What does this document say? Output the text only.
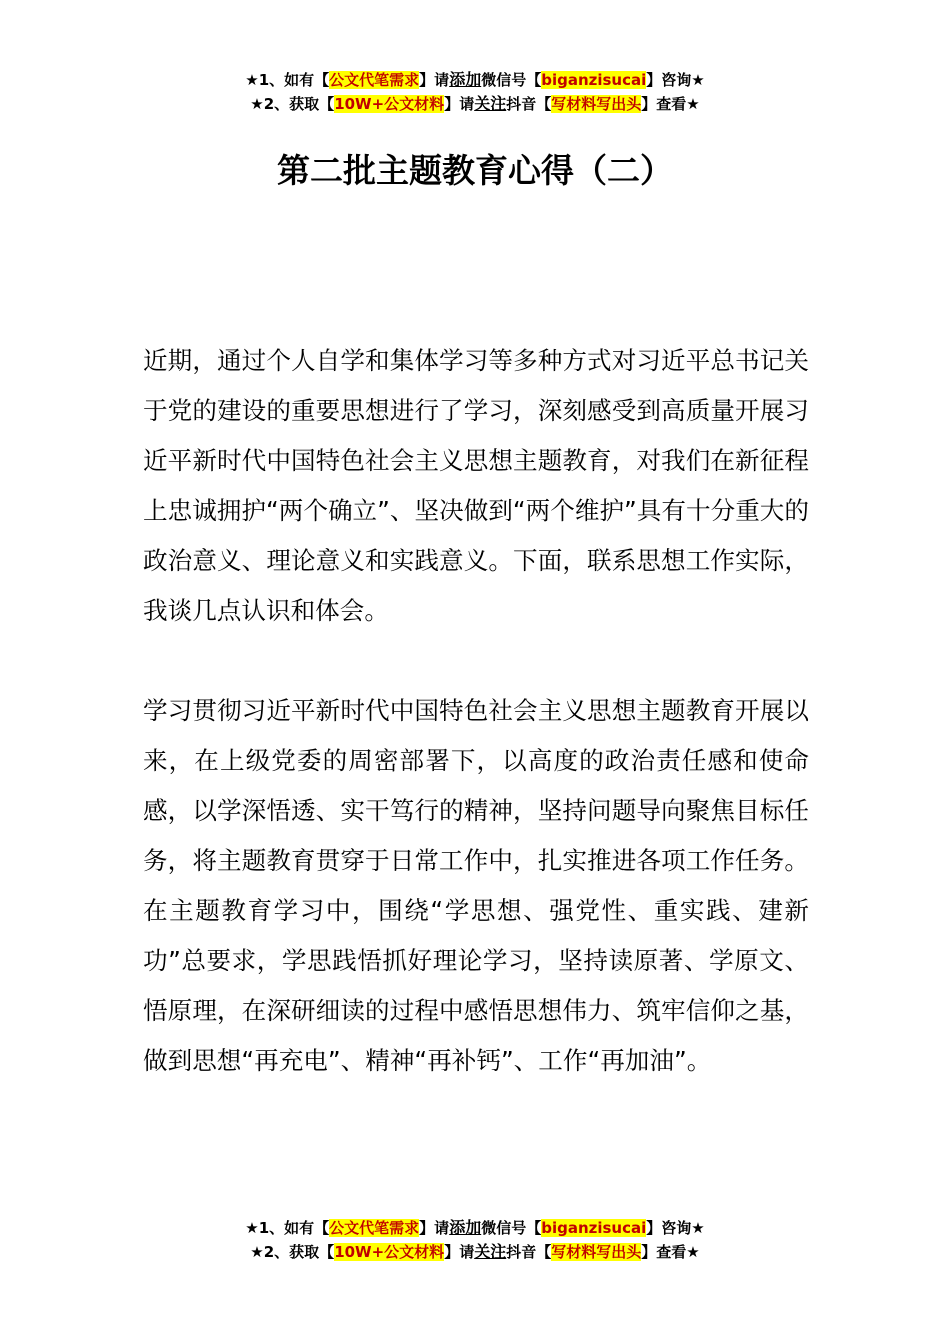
★1、如有【公文代笔需求】请添加微信号【biganzisucai】咨询★
★2、获取【10W+公文材料】请关注抖音【写材料写出头】查看★
第二批主题教育心得（二）

近期，通过个人自学和集体学习等多种方式对习近平总书记关于党的建设的重要思想进行了学习，深刻感受到高质量开展习近平新时代中国特色社会主义思想主题教育，对我们在新征程上忠诚拥护“两个确立”、坚决做到“两个维护”具有十分重大的政治意义、理论意义和实践意义。下面，联系思想工作实际，我谈几点认识和体会。

学习贯彻习近平新时代中国特色社会主义思想主题教育开展以来，在上级党委的周密部署下，以高度的政治责任感和使命感，以学深悟透、实干笃行的精神，坚持问题导向聚焦目标任务，将主题教育贯穿于日常工作中，扎实推进各项工作任务。在主题教育学习中，围绕“学思想、强党性、重实践、建新功”总要求，学思践悟抓好理论学习，坚持读原著、学原文、悟原理，在深研细读的过程中感悟思想伟力、筑牢信仰之基，做到思想“再充电”、精神“再补钙”、工作“再加油”。

★1、如有【公文代笔需求】请添加微信号【biganzisucai】咨询★
★2、获取【10W+公文材料】请关注抖音【写材料写出头】查看★
